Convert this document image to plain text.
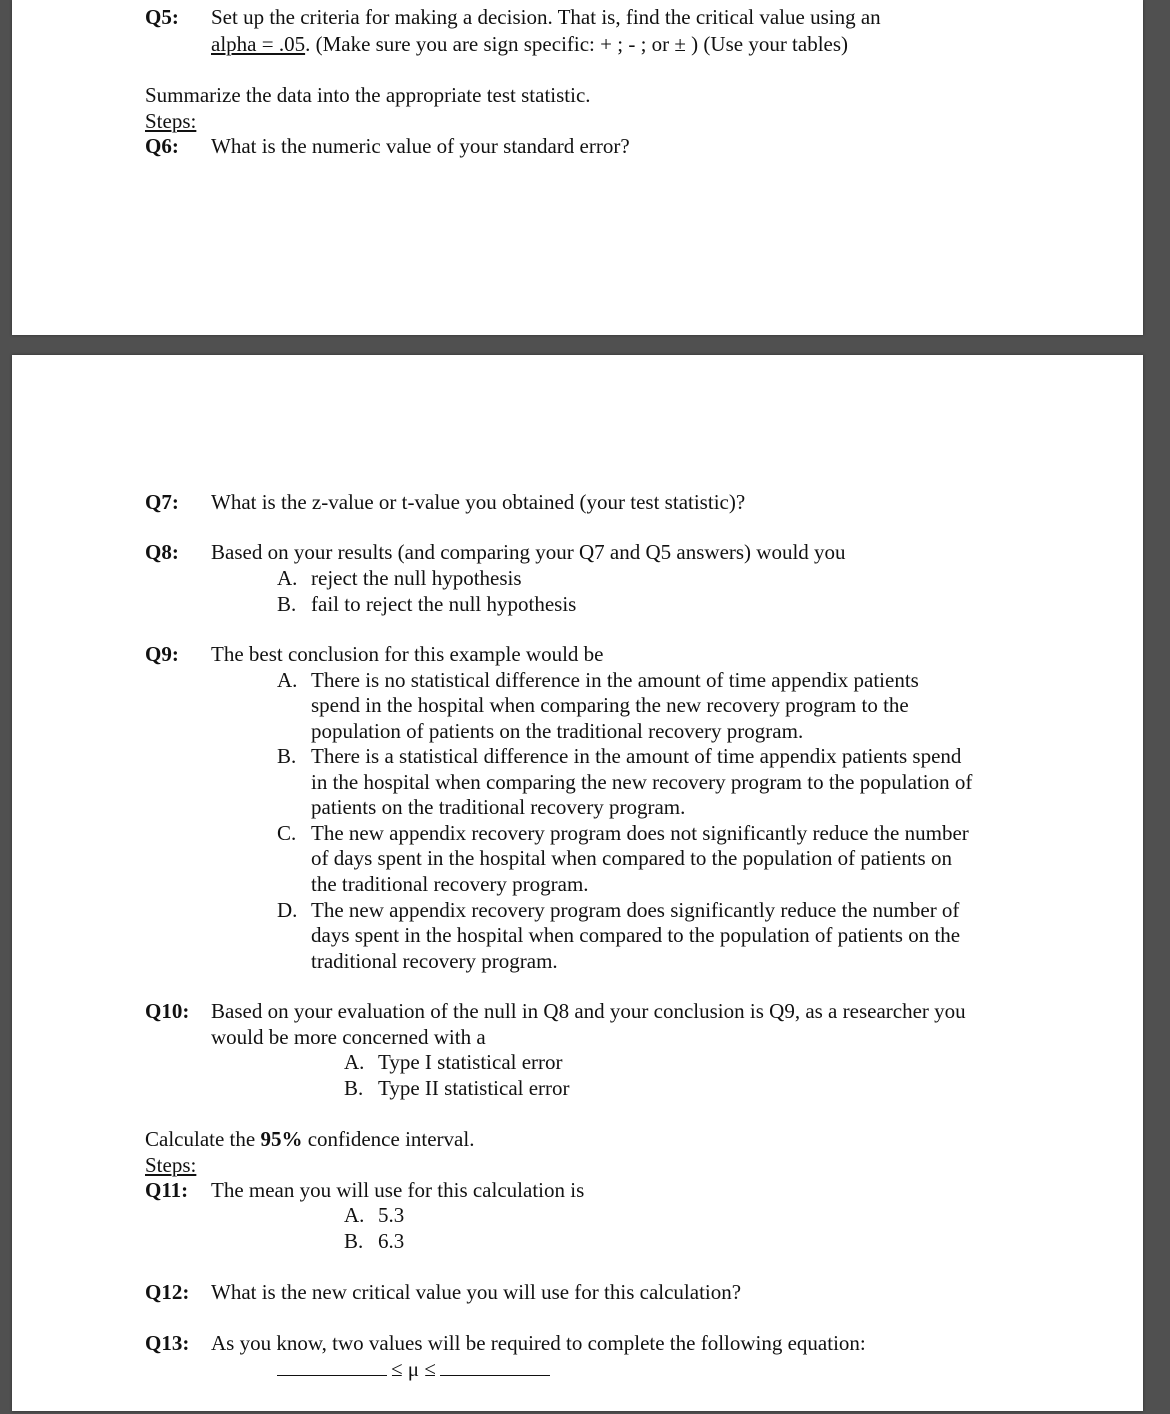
Q5: Set up the criteria for making a decision. That is, find the critical value using an
alpha = .05. (Make sure you are sign specific: + ; - ; or ± ) (Use your tables)
Summarize the data into the appropriate test statistic.
Steps:
Q6: What is the numeric value of your standard error?
Q7: What is the z-value or t-value you obtained (your test statistic)?
Q8: Based on your results (and comparing your Q7 and Q5 answers) would you
A. reject the null hypothesis
B. fail to reject the null hypothesis
Q9: The best conclusion for this example would be
A. There is no statistical difference in the amount of time appendix patients
spend in the hospital when comparing the new recovery program to the
population of patients on the traditional recovery program.
B. There is a statistical difference in the amount of time appendix patients spend
in the hospital when comparing the new recovery program to the population of
patients on the traditional recovery program.
C. The new appendix recovery program does not significantly reduce the number
of days spent in the hospital when compared to the population of patients on
the traditional recovery program.
D. The new appendix recovery program does significantly reduce the number of
days spent in the hospital when compared to the population of patients on the
traditional recovery program.
Q10: Based on your evaluation of the null in Q8 and your conclusion is Q9, as a researcher you
would be more concerned with a
A. Type I statistical error
B. Type II statistical error
Calculate the 95% confidence interval.
Steps:
Q11: The mean you will use for this calculation is
A. 5.3
B. 6.3
Q12: What is the new critical value you will use for this calculation?
Q13: As you know, two values will be required to complete the following equation:
≤ μ ≤
